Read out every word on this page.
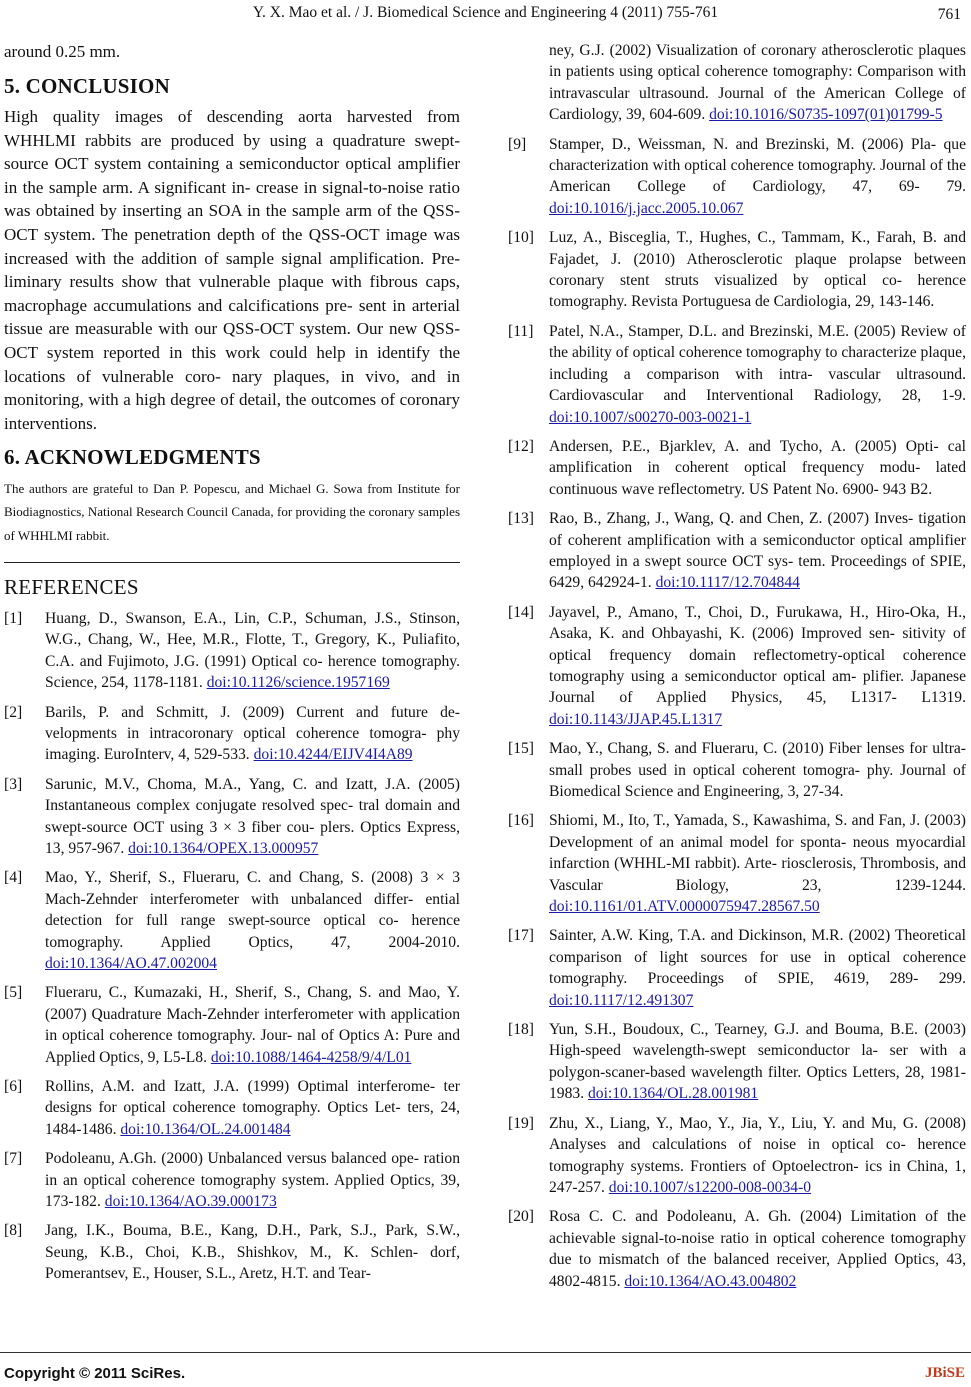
Y. X. Mao et al. / J. Biomedical Science and Engineering 4 (2011) 755-761	761

around 0.25 mm.

5. CONCLUSION

High quality images of descending aorta harvested from WHHLMI rabbits are produced by using a quadrature swept-source OCT system containing a semiconductor optical amplifier in the sample arm. A significant in- crease in signal-to-noise ratio was obtained by inserting an SOA in the sample arm of the QSS-OCT system. The penetration depth of the QSS-OCT image was increased with the addition of sample signal amplification. Pre- liminary results show that vulnerable plaque with fibrous caps, macrophage accumulations and calcifications pre- sent in arterial tissue are measurable with our QSS-OCT system. Our new QSS-OCT system reported in this work could help in identify the locations of vulnerable coro- nary plaques, in vivo, and in monitoring, with a high degree of detail, the outcomes of coronary interventions.

6. ACKNOWLEDGMENTS

The authors are grateful to Dan P. Popescu, and Michael G. Sowa from Institute for Biodiagnostics, National Research Council Canada, for providing the coronary samples of WHHLMI rabbit.

REFERENCES
[1]	Huang, D., Swanson, E.A., Lin, C.P., Schuman, J.S., Stinson, W.G., Chang, W., Hee, M.R., Flotte, T., Gregory, K., Puliafito, C.A. and Fujimoto, J.G. (1991) Optical co- herence tomography. Science, 254, 1178-1181. doi:10.1126/science.1957169
[2]	Barils, P. and Schmitt, J. (2009) Current and future de- velopments in intracoronary optical coherence tomogra- phy imaging. EuroInterv, 4, 529-533. doi:10.4244/EIJV4I4A89
[3]	Sarunic, M.V., Choma, M.A., Yang, C. and Izatt, J.A. (2005) Instantaneous complex conjugate resolved spec- tral domain and swept-source OCT using 3 × 3 fiber cou- plers. Optics Express, 13, 957-967. doi:10.1364/OPEX.13.000957
[4]	Mao, Y., Sherif, S., Flueraru, C. and Chang, S. (2008) 3 × 3 Mach-Zehnder interferometer with unbalanced differ- ential detection for full range swept-source optical co- herence tomography. Applied Optics, 47, 2004-2010. doi:10.1364/AO.47.002004
[5]	Flueraru, C., Kumazaki, H., Sherif, S., Chang, S. and Mao, Y. (2007) Quadrature Mach-Zehnder interferometer with application in optical coherence tomography. Jour- nal of Optics A: Pure and Applied Optics, 9, L5-L8. doi:10.1088/1464-4258/9/4/L01
[6]	Rollins, A.M. and Izatt, J.A. (1999) Optimal interferome- ter designs for optical coherence tomography. Optics Let- ters, 24, 1484-1486. doi:10.1364/OL.24.001484
[7]	Podoleanu, A.Gh. (2000) Unbalanced versus balanced ope- ration in an optical coherence tomography system. Applied Optics, 39, 173-182. doi:10.1364/AO.39.000173
[8]	Jang, I.K., Bouma, B.E., Kang, D.H., Park, S.J., Park, S.W., Seung, K.B., Choi, K.B., Shishkov, M., K. Schlen- dorf, Pomerantsev, E., Houser, S.L., Aretz, H.T. and Tear-
ney, G.J. (2002) Visualization of coronary atherosclerotic plaques in patients using optical coherence tomography: Comparison with intravascular ultrasound. Journal of the American College of Cardiology, 39, 604-609. doi:10.1016/S0735-1097(01)01799-5
[9]	Stamper, D., Weissman, N. and Brezinski, M. (2006) Pla- que characterization with optical coherence tomography. Journal of the American College of Cardiology, 47, 69- 79. doi:10.1016/j.jacc.2005.10.067
[10] Luz, A., Bisceglia, T., Hughes, C., Tammam, K., Farah, B. and Fajadet, J. (2010) Atherosclerotic plaque prolapse between coronary stent struts visualized by optical co- herence tomography. Revista Portuguesa de Cardiologia, 29, 143-146.
[11] Patel, N.A., Stamper, D.L. and Brezinski, M.E. (2005) Review of the ability of optical coherence tomography to characterize plaque, including a comparison with intra- vascular ultrasound. Cardiovascular and Interventional Radiology, 28, 1-9. doi:10.1007/s00270-003-0021-1
[12] Andersen, P.E., Bjarklev, A. and Tycho, A. (2005) Opti- cal amplification in coherent optical frequency modu- lated continuous wave reflectometry. US Patent No. 6900- 943 B2.
[13] Rao, B., Zhang, J., Wang, Q. and Chen, Z. (2007) Inves- tigation of coherent amplification with a semiconductor optical amplifier employed in a swept source OCT sys- tem. Proceedings of SPIE, 6429, 642924-1. doi:10.1117/12.704844
[14] Jayavel, P., Amano, T., Choi, D., Furukawa, H., Hiro-Oka, H., Asaka, K. and Ohbayashi, K. (2006) Improved sen- sitivity of optical frequency domain reflectometry-optical coherence tomography using a semiconductor optical am- plifier. Japanese Journal of Applied Physics, 45, L1317- L1319. doi:10.1143/JJAP.45.L1317
[15] Mao, Y., Chang, S. and Flueraru, C. (2010) Fiber lenses for ultra-small probes used in optical coherent tomogra- phy. Journal of Biomedical Science and Engineering, 3, 27-34.
[16] Shiomi, M., Ito, T., Yamada, S., Kawashima, S. and Fan, J. (2003) Development of an animal model for sponta- neous myocardial infarction (WHHL-MI rabbit). Arte- riosclerosis, Thrombosis, and Vascular Biology, 23, 1239-1244. doi:10.1161/01.ATV.0000075947.28567.50
[17] Sainter, A.W. King, T.A. and Dickinson, M.R. (2002) Theoretical comparison of light sources for use in optical coherence tomography. Proceedings of SPIE, 4619, 289- 299. doi:10.1117/12.491307
[18] Yun, S.H., Boudoux, C., Tearney, G.J. and Bouma, B.E. (2003) High-speed wavelength-swept semiconductor la- ser with a polygon-scaner-based wavelength filter. Optics Letters, 28, 1981-1983. doi:10.1364/OL.28.001981
[19] Zhu, X., Liang, Y., Mao, Y., Jia, Y., Liu, Y. and Mu, G. (2008) Analyses and calculations of noise in optical co- herence tomography systems. Frontiers of Optoelectron- ics in China, 1, 247-257. doi:10.1007/s12200-008-0034-0
[20] Rosa C. C. and Podoleanu, A. Gh. (2004) Limitation of the achievable signal-to-noise ratio in optical coherence tomography due to mismatch of the balanced receiver, Applied Optics, 43, 4802-4815. doi:10.1364/AO.43.004802
Copyright © 2011 SciRes.	JBiSE
